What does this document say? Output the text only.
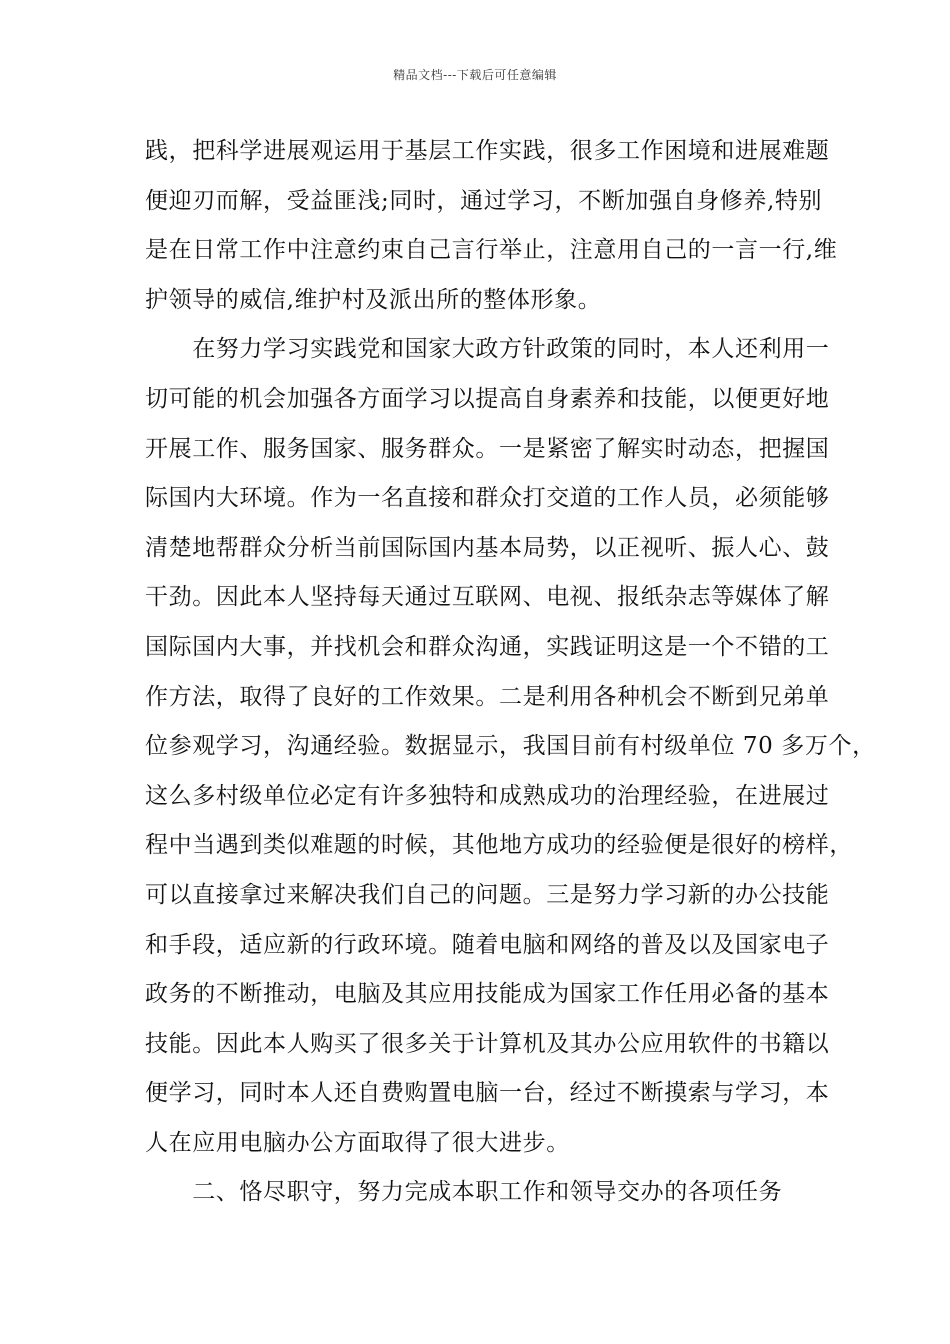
精品文档---下载后可任意编辑
践，把科学进展观运用于基层工作实践，很多工作困境和进展难题
便迎刃而解，受益匪浅;同时，通过学习，不断加强自身修养,特别
是在日常工作中注意约束自己言行举止，注意用自己的一言一行,维
护领导的威信,维护村及派出所的整体形象。
　　在努力学习实践党和国家大政方针政策的同时，本人还利用一
切可能的机会加强各方面学习以提高自身素养和技能，以便更好地
开展工作、服务国家、服务群众。一是紧密了解实时动态，把握国
际国内大环境。作为一名直接和群众打交道的工作人员，必须能够
清楚地帮群众分析当前国际国内基本局势，以正视听、振人心、鼓
干劲。因此本人坚持每天通过互联网、电视、报纸杂志等媒体了解
国际国内大事，并找机会和群众沟通，实践证明这是一个不错的工
作方法，取得了良好的工作效果。二是利用各种机会不断到兄弟单
位参观学习，沟通经验。数据显示，我国目前有村级单位 70 多万个，
这么多村级单位必定有许多独特和成熟成功的治理经验，在进展过
程中当遇到类似难题的时候，其他地方成功的经验便是很好的榜样，
可以直接拿过来解决我们自己的问题。三是努力学习新的办公技能
和手段，适应新的行政环境。随着电脑和网络的普及以及国家电子
政务的不断推动，电脑及其应用技能成为国家工作任用必备的基本
技能。因此本人购买了很多关于计算机及其办公应用软件的书籍以
便学习，同时本人还自费购置电脑一台，经过不断摸索与学习，本
人在应用电脑办公方面取得了很大进步。
　　二、恪尽职守，努力完成本职工作和领导交办的各项任务
